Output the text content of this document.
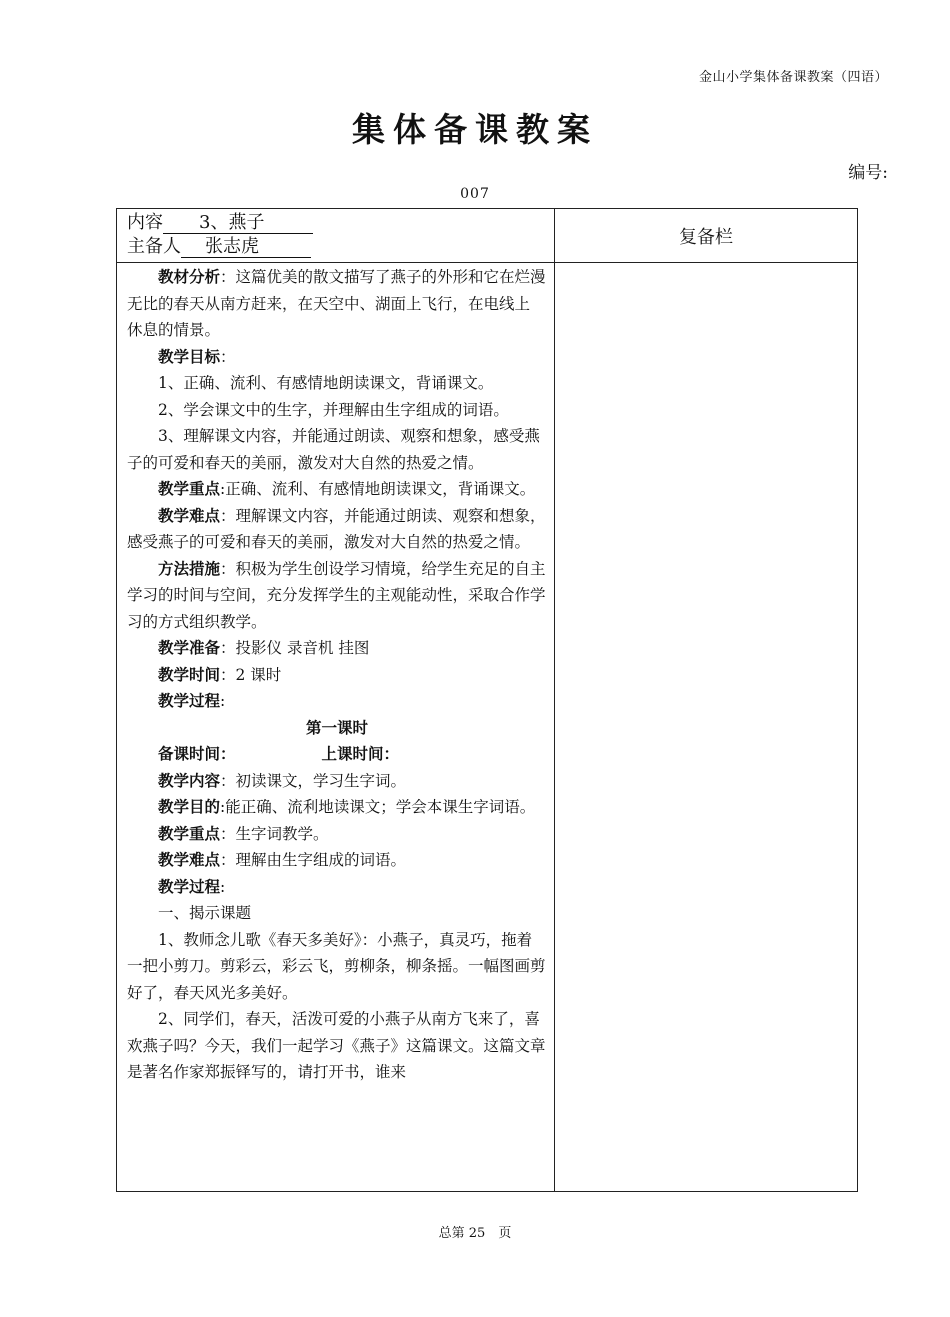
金山小学集体备课教案（四语）
集体备课教案
编号:
007
内容 3、燕子
主备人 张志虎	复备栏

教材分析：这篇优美的散文描写了燕子的外形和它在烂漫无比的春天从南方赶来，在天空中、湖面上飞行，在电线上 休息的情景。

教学目标：

1、正确、流利、有感情地朗读课文，背诵课文。

2、学会课文中的生字，并理解由生字组成的词语。

3、理解课文内容，并能通过朗读、观察和想象，感受燕子的可爱和春天的美丽，激发对大自然的热爱之情。

教学重点:正确、流利、有感情地朗读课文，背诵课文。

教学难点：理解课文内容，并能通过朗读、观察和想象，感受燕子的可爱和春天的美丽，激发对大自然的热爱之情。

方法措施：积极为学生创设学习情境，给学生充足的自主学习的时间与空间，充分发挥学生的主观能动性，采取合作学习的方式组织教学。

教学准备：投影仪 录音机 挂图

教学时间：2 课时

教学过程:

第一课时

备课时间：	上课时间：

教学内容：初读课文，学习生字词。

教学目的:能正确、流利地读课文；学会本课生字词语。

教学重点：生字词教学。

教学难点：理解由生字组成的词语。

教学过程:

一、揭示课题

1、教师念儿歌《春天多美好》：小燕子，真灵巧，拖着一把小剪刀。剪彩云，彩云飞，剪柳条，柳条摇。一幅图画剪好了，春天风光多美好。

2、同学们，春天，活泼可爱的小燕子从南方飞来了，喜欢燕子吗？今天，我们一起学习《燕子》这篇课文。这篇文章是著名作家郑振铎写的，请打开书，谁来

总第 25　页
